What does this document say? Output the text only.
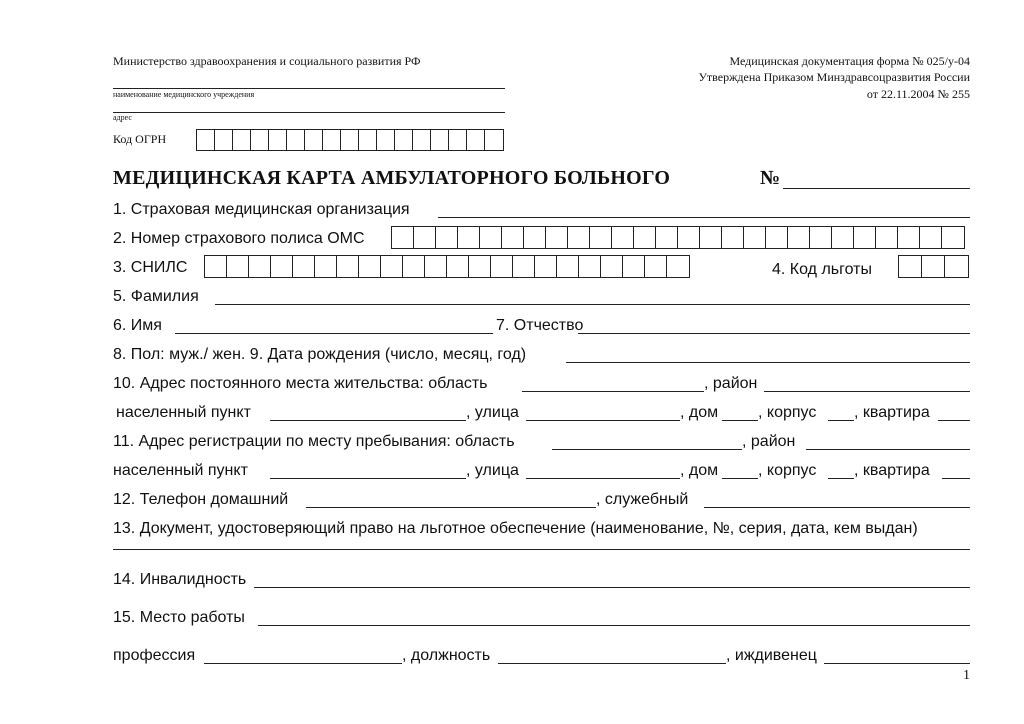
Министерство здравоохранения и социального развития РФ
наименование медицинского учреждения
адрес
Код ОГРН
Медицинская документация форма № 025/у-04
Утверждена Приказом Минздравсоцразвития России
от 22.11.2004 № 255
МЕДИЦИНСКАЯ КАРТА АМБУЛАТОРНОГО БОЛЬНОГО	№
1. Страховая медицинская организация
2. Номер страхового полиса ОМС
3. СНИЛС	4. Код льготы
5. Фамилия
6. Имя	7. Отчество
8. Пол: муж./ жен. 9. Дата рождения (число, месяц, год)
10. Адрес постоянного места жительства: область	, район
населенный пункт	, улица	, дом , корпус , квартира
11. Адрес регистрации по месту пребывания: область	, район
населенный пункт	, улица	, дом , корпус , квартира
12. Телефон домашний	, служебный
13. Документ, удостоверяющий право на льготное обеспечение (наименование, №, серия, дата, кем выдан)
14. Инвалидность
15. Место работы
профессия	, должность	, иждивенец
1
